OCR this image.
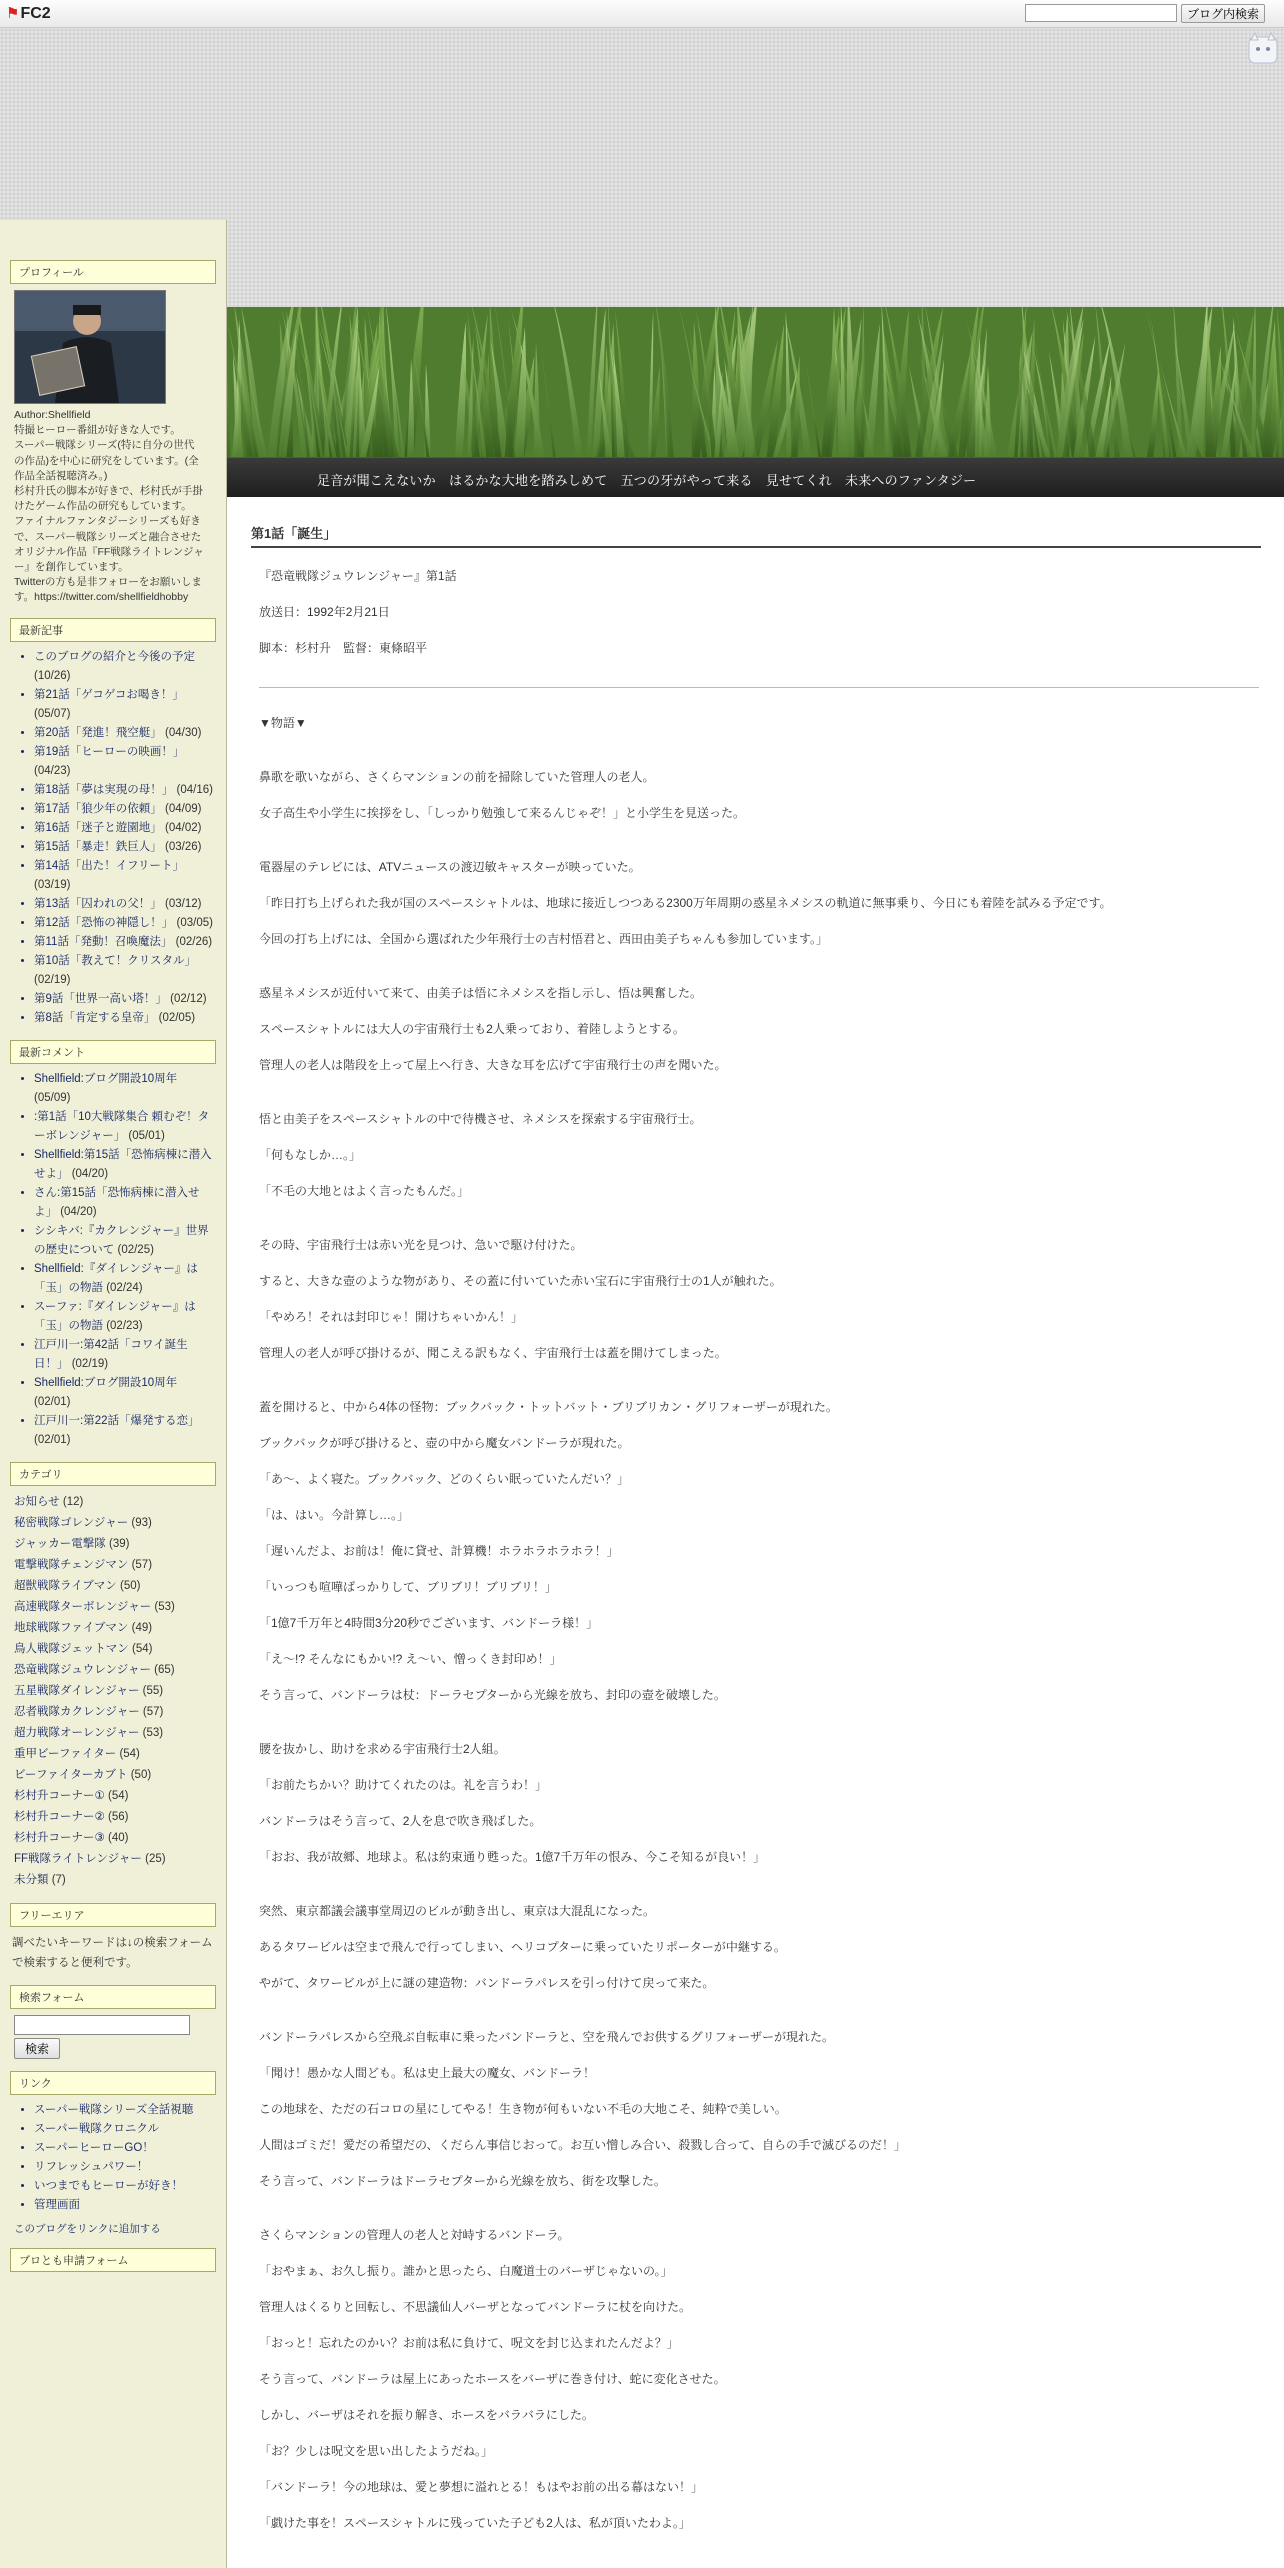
⚑FC2	ブログ内検索
足音が聞こえないか　はるかな大地を踏みしめて　五つの牙がやって来る　見せてくれ　未来へのファンタジー
プロフィール
Author:Shellfield
特撮ヒーロー番組が好きな人です。
スーパー戦隊シリーズ(特に自分の世代
の作品)を中心に研究をしています。(全
作品全話視聴済み。)
杉村升氏の脚本が好きで、杉村氏が手掛
けたゲーム作品の研究もしています。
ファイナルファンタジーシリーズも好きで、スーパー戦隊シリーズと融合させた
オリジナル作品『FF戦隊ライトレンジャー』を創作しています。
Twitterの方も是非フォローをお願いします。https://twitter.com/shellfieldhobby
最新記事
• このブログの紹介と今後の予定 (10/26)
• 第21話「ゲコゲコお喝き！」 (05/07)
• 第20話「発進！飛空艇」 (04/30)
• 第19話「ヒーローの映画！」 (04/23)
• 第18話「夢は実現の母！」 (04/16)
• 第17話「狼少年の依頼」 (04/09)
• 第16話「迷子と遊園地」 (04/02)
• 第15話「暴走！鉄巨人」 (03/26)
• 第14話「出た！イフリート」 (03/19)
• 第13話「囚われの父！」 (03/12)
• 第12話「恐怖の神隠し！」 (03/05)
• 第11話「発動！召喚魔法」 (02/26)
• 第10話「教えて！クリスタル」 (02/19)
• 第9話「世界一高い塔！」 (02/12)
• 第8話「肯定する皇帝」 (02/05)
最新コメント
• Shellfield:ブログ開設10周年 (05/09)
• :第1話「10大戦隊集合 頼むぞ！ターボレンジャー」 (05/01)
• Shellfield:第15話「恐怖病棟に潜入せよ」 (04/20)
• さん:第15話「恐怖病棟に潜入せよ」 (04/20)
• シシキバ:『カクレンジャー』世界の歴史について (02/25)
• Shellfield:『ダイレンジャー』は「玉」の物語 (02/24)
• スーファ:『ダイレンジャー』は「玉」の物語 (02/23)
• 江戸川一:第42話「コワイ誕生日！」 (02/19)
• Shellfield:ブログ開設10周年 (02/01)
• 江戸川一:第22話「爆発する恋」 (02/01)
カテゴリ
お知らせ (12)
秘密戦隊ゴレンジャー (93)
ジャッカー電撃隊 (39)
電撃戦隊チェンジマン (57)
超獣戦隊ライブマン (50)
高速戦隊ターボレンジャー (53)
地球戦隊ファイブマン (49)
鳥人戦隊ジェットマン (54)
恐竜戦隊ジュウレンジャー (65)
五星戦隊ダイレンジャー (55)
忍者戦隊カクレンジャー (57)
超力戦隊オーレンジャー (53)
重甲ビーファイター (54)
ビーファイターカブト (50)
杉村升コーナー① (54)
杉村升コーナー② (56)
杉村升コーナー③ (40)
FF戦隊ライトレンジャー (25)
未分類 (7)
フリーエリア
調べたいキーワードは↓の検索フォームで検索すると便利です。
検索フォーム
検索
リンク
• スーパー戦隊シリーズ全話視聴
• スーパー戦隊クロニクル
• スーパーヒーローGO！
• リフレッシュパワー！
• いつまでもヒーローが好き！
• 管理画面
このブログをリンクに追加する
ブロとも申請フォーム
第1話「誕生」

『恐竜戦隊ジュウレンジャー』第1話

放送日：1992年2月21日

脚本：杉村升　監督：東條昭平

▼物語▼

鼻歌を歌いながら、さくらマンションの前を掃除していた管理人の老人。

女子高生や小学生に挨拶をし、「しっかり勉強して来るんじゃぞ！」と小学生を見送った。

電器屋のテレビには、ATVニュースの渡辺敏キャスターが映っていた。

「昨日打ち上げられた我が国のスペースシャトルは、地球に接近しつつある2300万年周期の惑星ネメシスの軌道に無事乗り、今日にも着陸を試みる予定です。

今回の打ち上げには、全国から選ばれた少年飛行士の吉村悟君と、西田由美子ちゃんも参加しています。」

惑星ネメシスが近付いて来て、由美子は悟にネメシスを指し示し、悟は興奮した。

スペースシャトルには大人の宇宙飛行士も2人乗っており、着陸しようとする。

管理人の老人は階段を上って屋上へ行き、大きな耳を広げて宇宙飛行士の声を聞いた。

悟と由美子をスペースシャトルの中で待機させ、ネメシスを探索する宇宙飛行士。

「何もなしか…。」

「不毛の大地とはよく言ったもんだ。」

その時、宇宙飛行士は赤い光を見つけ、急いで駆け付けた。

すると、大きな壺のような物があり、その蓋に付いていた赤い宝石に宇宙飛行士の1人が触れた。

「やめろ！それは封印じゃ！開けちゃいかん！」

管理人の老人が呼び掛けるが、聞こえる訳もなく、宇宙飛行士は蓋を開けてしまった。

蓋を開けると、中から4体の怪物：ブックバック・トットバット・ブリブリカン・グリフォーザーが現れた。

ブックバックが呼び掛けると、壺の中から魔女バンドーラが現れた。

「あ〜、よく寝た。ブックバック、どのくらい眠っていたんだい？」

「は、はい。今計算し…。」

「遅いんだよ、お前は！俺に貸せ、計算機！ホラホラホラホラ！」

「いっつも喧嘩ばっかりして、ブリブリ！ブリブリ！」

「1億7千万年と4時間3分20秒でございます、バンドーラ様！」

「え〜!? そんなにもかい!? え〜い、憎っくき封印め！」

そう言って、バンドーラは杖：ドーラセプターから光線を放ち、封印の壺を破壊した。

腰を抜かし、助けを求める宇宙飛行士2人組。

「お前たちかい？助けてくれたのは。礼を言うわ！」

バンドーラはそう言って、2人を息で吹き飛ばした。

「おお、我が故郷、地球よ。私は約束通り甦った。1億7千万年の恨み、今こそ知るが良い！」

突然、東京都議会議事堂周辺のビルが動き出し、東京は大混乱になった。

あるタワービルは空まで飛んで行ってしまい、ヘリコプターに乗っていたリポーターが中継する。

やがて、タワービルが上に謎の建造物：バンドーラパレスを引っ付けて戻って来た。

バンドーラパレスから空飛ぶ自転車に乗ったバンドーラと、空を飛んでお供するグリフォーザーが現れた。

「聞け！愚かな人間ども。私は史上最大の魔女、バンドーラ！

この地球を、ただの石コロの星にしてやる！生き物が何もいない不毛の大地こそ、純粋で美しい。

人間はゴミだ！愛だの希望だの、くだらん事信じおって。お互い憎しみ合い、殺戮し合って、自らの手で滅びるのだ！」

そう言って、バンドーラはドーラセプターから光線を放ち、街を攻撃した。

さくらマンションの管理人の老人と対峙するバンドーラ。

「おやまぁ、お久し振り。誰かと思ったら、白魔道士のバーザじゃないの。」

管理人はくるりと回転し、不思議仙人バーザとなってバンドーラに杖を向けた。

「おっと！忘れたのかい？お前は私に負けて、呪文を封じ込まれたんだよ？」

そう言って、バンドーラは屋上にあったホースをバーザに巻き付け、蛇に変化させた。

しかし、バーザはそれを振り解き、ホースをバラバラにした。

「お？少しは呪文を思い出したようだね。」

「バンドーラ！今の地球は、愛と夢想に溢れとる！もはやお前の出る幕はない！」

「戯けた事を！スペースシャトルに残っていた子ども2人は、私が頂いたわよ。」
